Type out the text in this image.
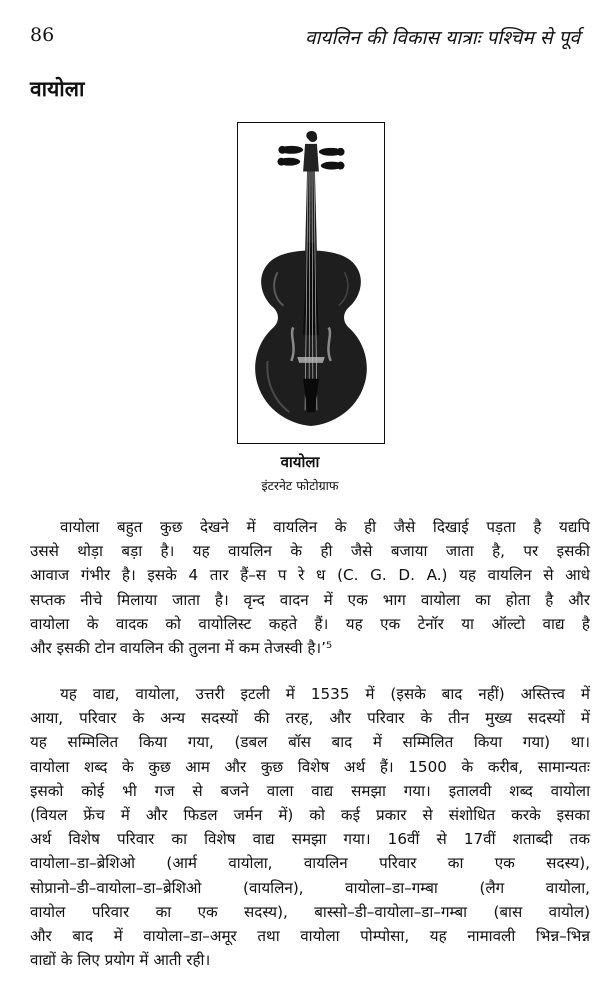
86	वायलिन की विकास यात्राः पश्चिम से पूर्व
वायोला
वायोला
इंटरनेट फोटोग्राफ
वायोला बहुत कुछ देखने में वायलिन के ही जैसे दिखाई पड़ता है यद्यपि
उससे थोड़ा बड़ा है। यह वायलिन के ही जैसे बजाया जाता है, पर इसकी
आवाज गंभीर है। इसके 4 तार हैं–स प रे ध (C. G. D. A.) यह वायलिन से आधे
सप्तक नीचे मिलाया जाता है। वृन्द वादन में एक भाग वायोला का होता है और
वायोला के वादक को वायोलिस्ट कहते हैं। यह एक टेनॉर या ऑल्टो वाद्य है
और इसकी टोन वायलिन की तुलना में कम तेजस्वी है।’⁵
यह वाद्य, वायोला, उत्तरी इटली में 1535 में (इसके बाद नहीं) अस्तित्त्व में
आया, परिवार के अन्य सदस्यों की तरह, और परिवार के तीन मुख्य सदस्यों में
यह सम्मिलित किया गया, (डबल बॉस बाद में सम्मिलित किया गया) था।
वायोला शब्द के कुछ आम और कुछ विशेष अर्थ हैं। 1500 के करीब, सामान्यतः
इसको कोई भी गज से बजने वाला वाद्य समझा गया। इतालवी शब्द वायोला
(वियल फ्रेंच में और फिडल जर्मन में) को कई प्रकार से संशोधित करके इसका
अर्थ विशेष परिवार का विशेष वाद्य समझा गया। 16वीं से 17वीं शताब्दी तक
वायोला–डा–ब्रेशिओ (आर्म वायोला, वायलिन परिवार का एक सदस्य),
सोप्रानो–डी–वायोला–डा–ब्रेशिओ (वायलिन), वायोला–डा–गम्बा (लैग वायोला,
वायोल परिवार का एक सदस्य), बास्सो–डी–वायोला–डा–गम्बा (बास वायोल)
और बाद में वायोला–डा–अमूर तथा वायोला पोम्पोसा, यह नामावली भिन्न–भिन्न
वाद्यों के लिए प्रयोग में आती रही।
